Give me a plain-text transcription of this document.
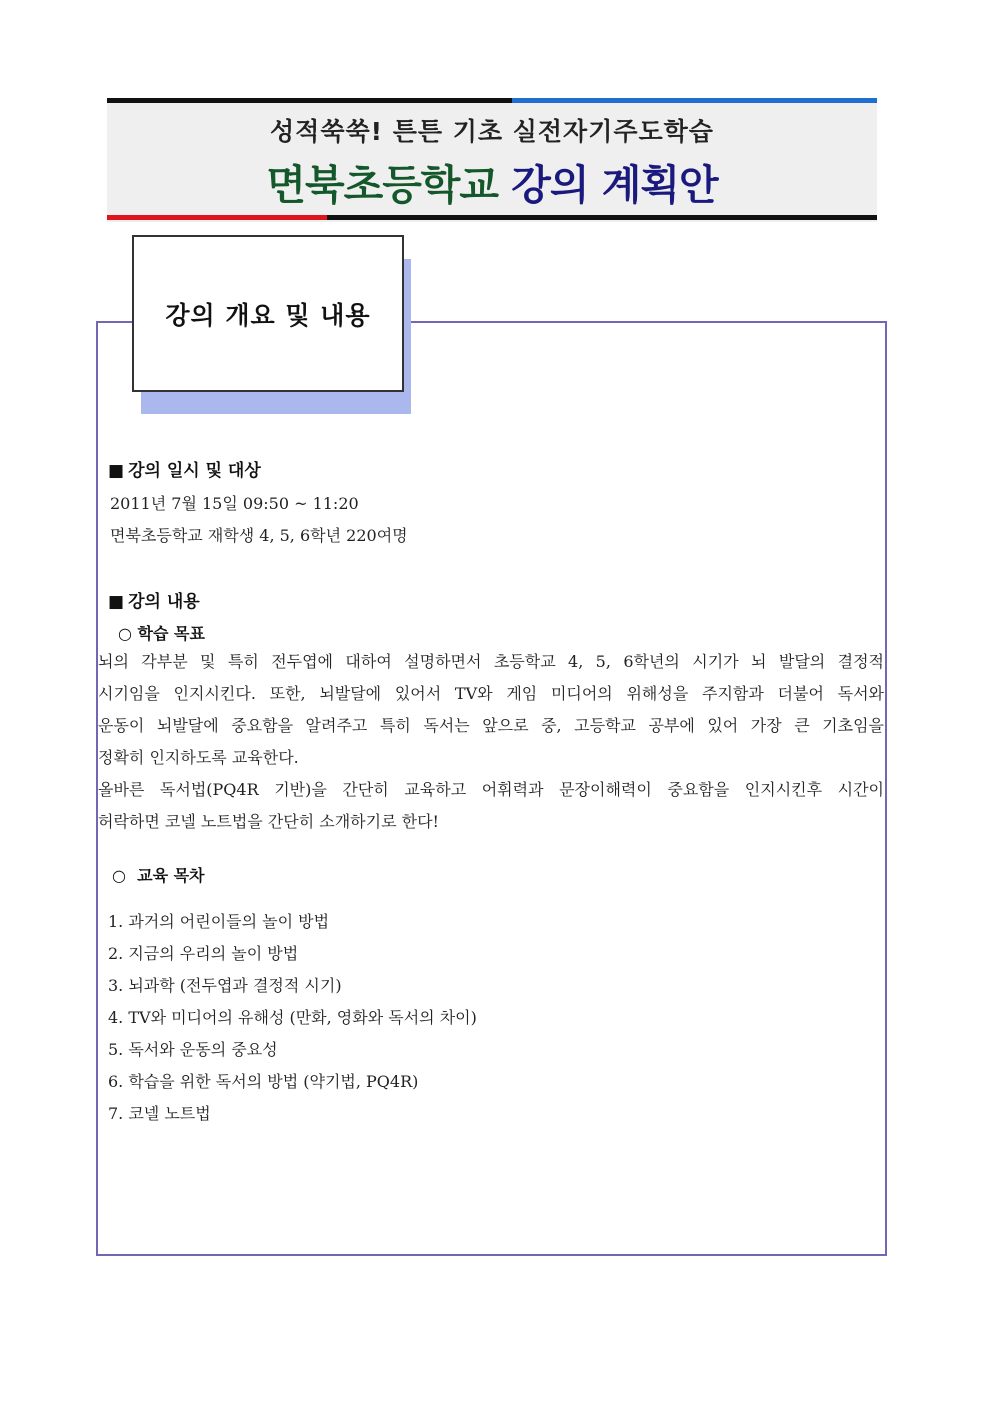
성적쑥쑥! 튼튼 기초 실전자기주도학습
면북초등학교 강의 계획안
강의 개요 및 내용
■ 강의 일시 및 대상
2011년 7월 15일 09:50 ~ 11:20
면북초등학교 재학생 4, 5, 6학년 220여명
■ 강의 내용
○ 학습 목표
뇌의 각부분 및 특히 전두엽에 대하여 설명하면서 초등학교 4, 5, 6학년의 시기가 뇌 발달의 결정적
시기임을 인지시킨다. 또한, 뇌발달에 있어서 TV와 게임 미디어의 위해성을 주지함과 더불어 독서와
운동이 뇌발달에 중요함을 알려주고 특히 독서는 앞으로 중, 고등학교 공부에 있어 가장 큰 기초임을
정확히 인지하도록 교육한다.
올바른 독서법(PQ4R 기반)을 간단히 교육하고 어휘력과 문장이해력이 중요함을 인지시킨후 시간이
허락하면 코넬 노트법을 간단히 소개하기로 한다!
○ 교육 목차
1. 과거의 어린이들의 놀이 방법
2. 지금의 우리의 놀이 방법
3. 뇌과학 (전두엽과 결정적 시기)
4. TV와 미디어의 유해성 (만화, 영화와 독서의 차이)
5. 독서와 운동의 중요성
6. 학습을 위한 독서의 방법 (약기법, PQ4R)
7. 코넬 노트법
